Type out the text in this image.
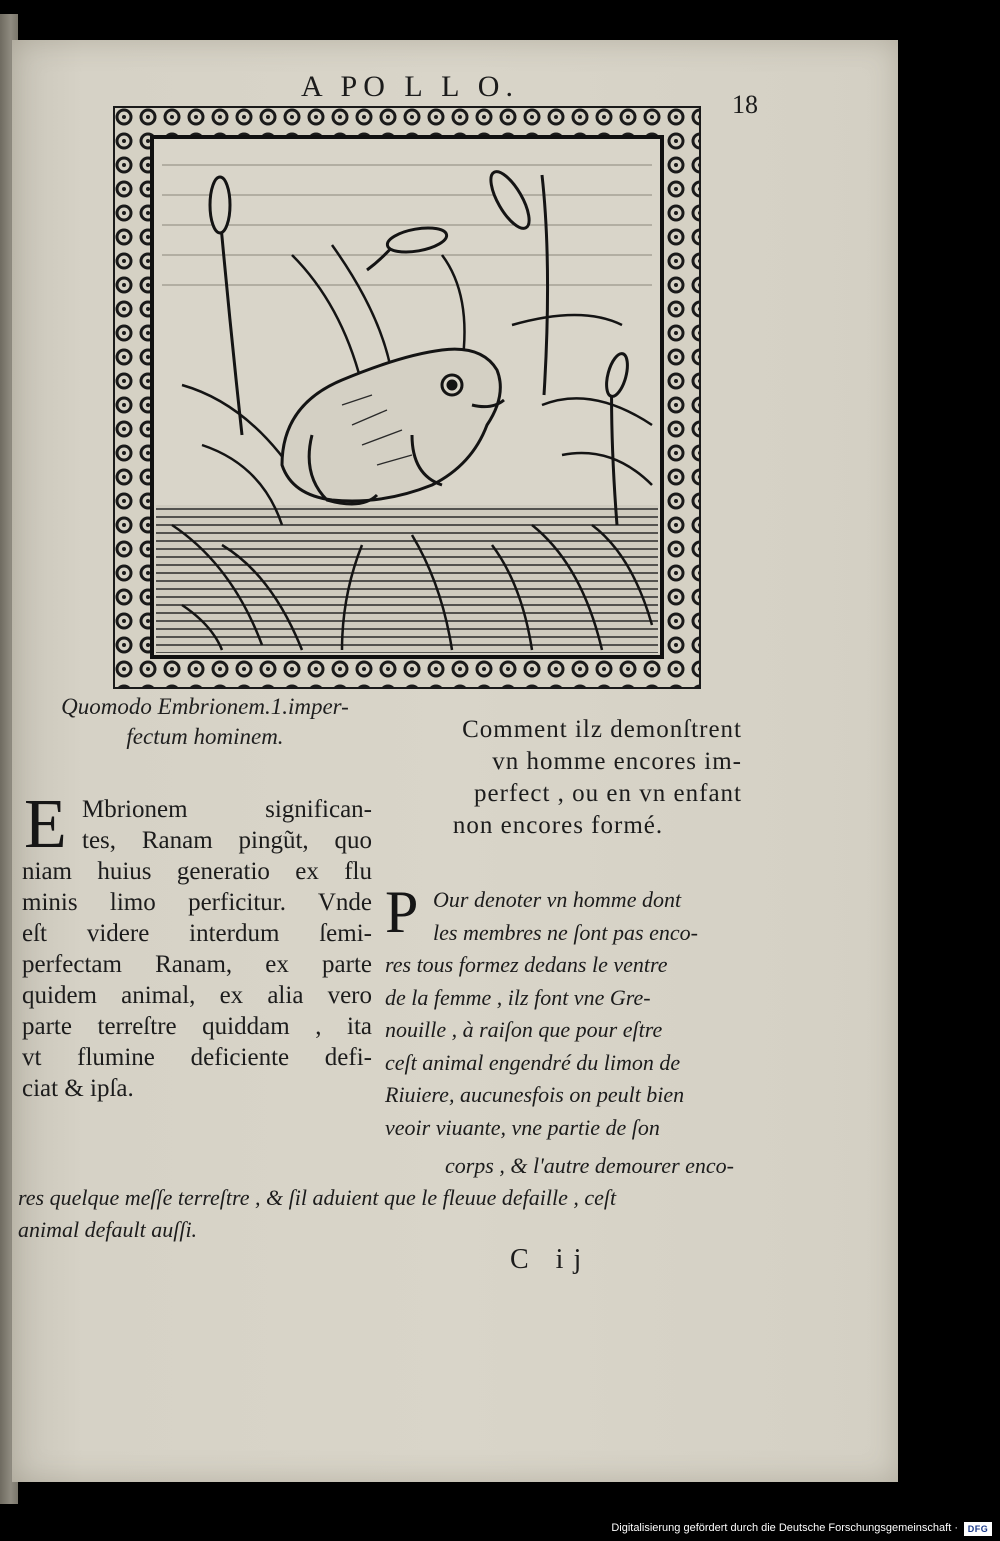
A PO L L O.
18
Quomodo Embrionem.1.imper-
fectum hominem.	Comment ilz demonſtrent
vn homme encores im-
perfect , ou en vn enfant
non encores formé.
E Mbrionem significan-
tes, Ranam pingũt, quo
niam huius generatio ex flu
minis limo perficitur. Vnde
eſt videre interdum ſemi-
perfectam Ranam, ex parte
quidem animal, ex alia vero
parte terreſtre quiddam , ita
vt flumine deficiente defi-
ciat & ipſa.
P Our denoter vn homme dont
les membres ne ſont pas enco-
res tous formez dedans le ventre
de la femme , ilz font vne Gre-
nouille , à raiſon que pour eſtre
ceſt animal engendré du limon de
Riuiere, aucunesfois on peult bien
veoir viuante, vne partie de ſon
corps , & l'autre demourer enco-
res quelque meſſe terreſtre , & ſil aduient que le fleuue defaille , ceſt
animal default auſſi.
C ij
Digitalisierung gefördert durch die Deutsche Forschungsgemeinschaft ·	DFG
